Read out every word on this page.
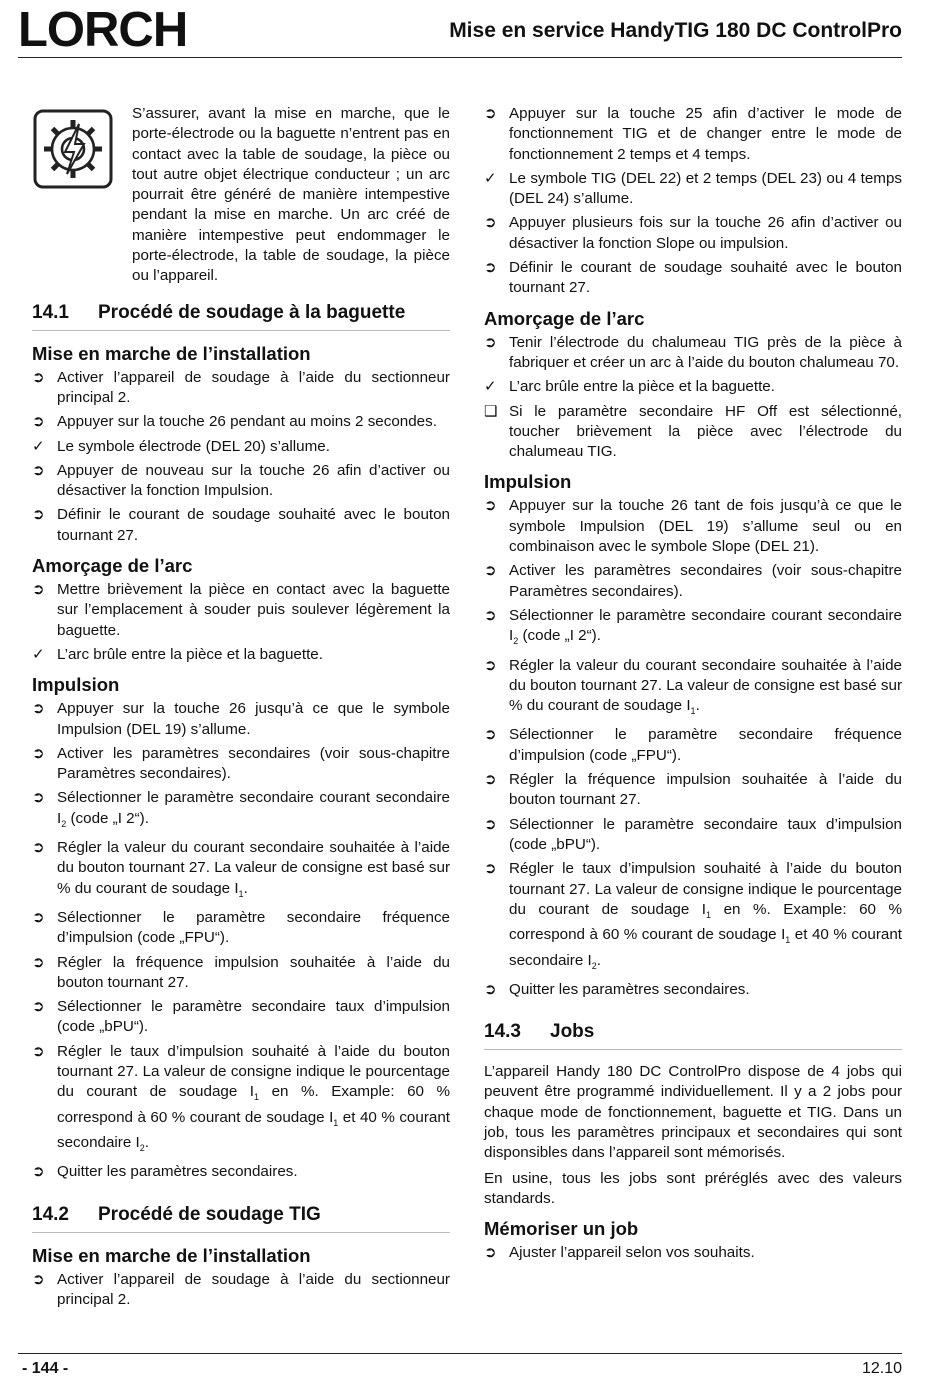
LORCH	Mise en service HandyTIG 180 DC ControlPro

S’assurer, avant la mise en marche, que le porte-électrode ou la baguette n’entrent pas en contact avec la table de soudage, la pièce ou tout autre objet électrique conducteur ; un arc pourrait être généré de manière intempestive pendant la mise en marche. Un arc créé de manière intempestive peut endommager le porte-électrode, la table de soudage, la pièce ou l’appareil.

14.1 Procédé de soudage à la baguette
Mise en marche de l’installation
➲ Activer l’appareil de soudage à l’aide du sectionneur principal 2.
➲ Appuyer sur la touche 26 pendant au moins 2 secondes.
✓ Le symbole électrode (DEL 20) s’allume.
➲ Appuyer de nouveau sur la touche 26 afin d’activer ou désactiver la fonction Impulsion.
➲ Définir le courant de soudage souhaité avec le bouton tournant 27.
Amorçage de l’arc
➲ Mettre brièvement la pièce en contact avec la baguette sur l’emplacement à souder puis soulever légèrement la baguette.
✓ L’arc brûle entre la pièce et la baguette.
Impulsion
➲ Appuyer sur la touche 26 jusqu’à ce que le symbole Impulsion (DEL 19) s’allume.
➲ Activer les paramètres secondaires (voir sous-chapitre Paramètres secondaires).
➲ Sélectionner le paramètre secondaire courant secondaire $I_2$ (code „I 2“).
➲ Régler la valeur du courant secondaire souhaitée à l’aide du bouton tournant 27. La valeur de consigne est basé sur % du courant de soudage $I_1$.
➲ Sélectionner le paramètre secondaire fréquence d’impulsion (code „FPU“).
➲ Régler la fréquence impulsion souhaitée à l’aide du bouton tournant 27.
➲ Sélectionner le paramètre secondaire taux d’impulsion (code „bPU“).
➲ Régler le taux d’impulsion souhaité à l’aide du bouton tournant 27. La valeur de consigne indique le pourcentage du courant de soudage $I_1$ en %. Example: 60 % correspond à 60 % courant de soudage $I_1$ et 40 % courant secondaire $I_2$.
➲ Quitter les paramètres secondaires.
14.2 Procédé de soudage TIG
Mise en marche de l’installation
➲ Activer l’appareil de soudage à l’aide du sectionneur principal 2.
➲ Appuyer sur la touche 25 afin d’activer le mode de fonctionnement TIG et de changer entre le mode de fonctionnement 2 temps et 4 temps.
✓ Le symbole TIG (DEL 22) et 2 temps (DEL 23) ou 4 temps (DEL 24) s’allume.
➲ Appuyer plusieurs fois sur la touche 26 afin d’activer ou désactiver la fonction Slope ou impulsion.
➲ Définir le courant de soudage souhaité avec le bouton tournant 27.
Amorçage de l’arc
➲ Tenir l’électrode du chalumeau TIG près de la pièce à fabriquer et créer un arc à l’aide du bouton chalumeau 70.
✓ L’arc brûle entre la pièce et la baguette.
❑ Si le paramètre secondaire HF Off est sélectionné, toucher brièvement la pièce avec l’électrode du chalumeau TIG.
Impulsion
➲ Appuyer sur la touche 26 tant de fois jusqu’à ce que le symbole Impulsion (DEL 19) s’allume seul ou en combinaison avec le symbole Slope (DEL 21).
➲ Activer les paramètres secondaires (voir sous-chapitre Paramètres secondaires).
➲ Sélectionner le paramètre secondaire courant secondaire $I_2$ (code „I 2“).
➲ Régler la valeur du courant secondaire souhaitée à l’aide du bouton tournant 27. La valeur de consigne est basé sur % du courant de soudage $I_1$.
➲ Sélectionner le paramètre secondaire fréquence d’impulsion (code „FPU“).
➲ Régler la fréquence impulsion souhaitée à l’aide du bouton tournant 27.
➲ Sélectionner le paramètre secondaire taux d’impulsion (code „bPU“).
➲ Régler le taux d’impulsion souhaité à l’aide du bouton tournant 27. La valeur de consigne indique le pourcentage du courant de soudage $I_1$ en %. Example: 60 % correspond à 60 % courant de soudage $I_1$ et 40 % courant secondaire $I_2$.
➲ Quitter les paramètres secondaires.
14.3 Jobs

L’appareil Handy 180 DC ControlPro dispose de 4 jobs qui peuvent être programmé individuellement. Il y a 2 jobs pour chaque mode de fonctionnement, baguette et TIG. Dans un job, tous les paramètres principaux et secondaires qui sont disponsibles dans l’appareil sont mémorisés.

En usine, tous les jobs sont préréglés avec des valeurs standards.

Mémoriser un job
➲ Ajuster l’appareil selon vos souhaits.
- 144 -	12.10
